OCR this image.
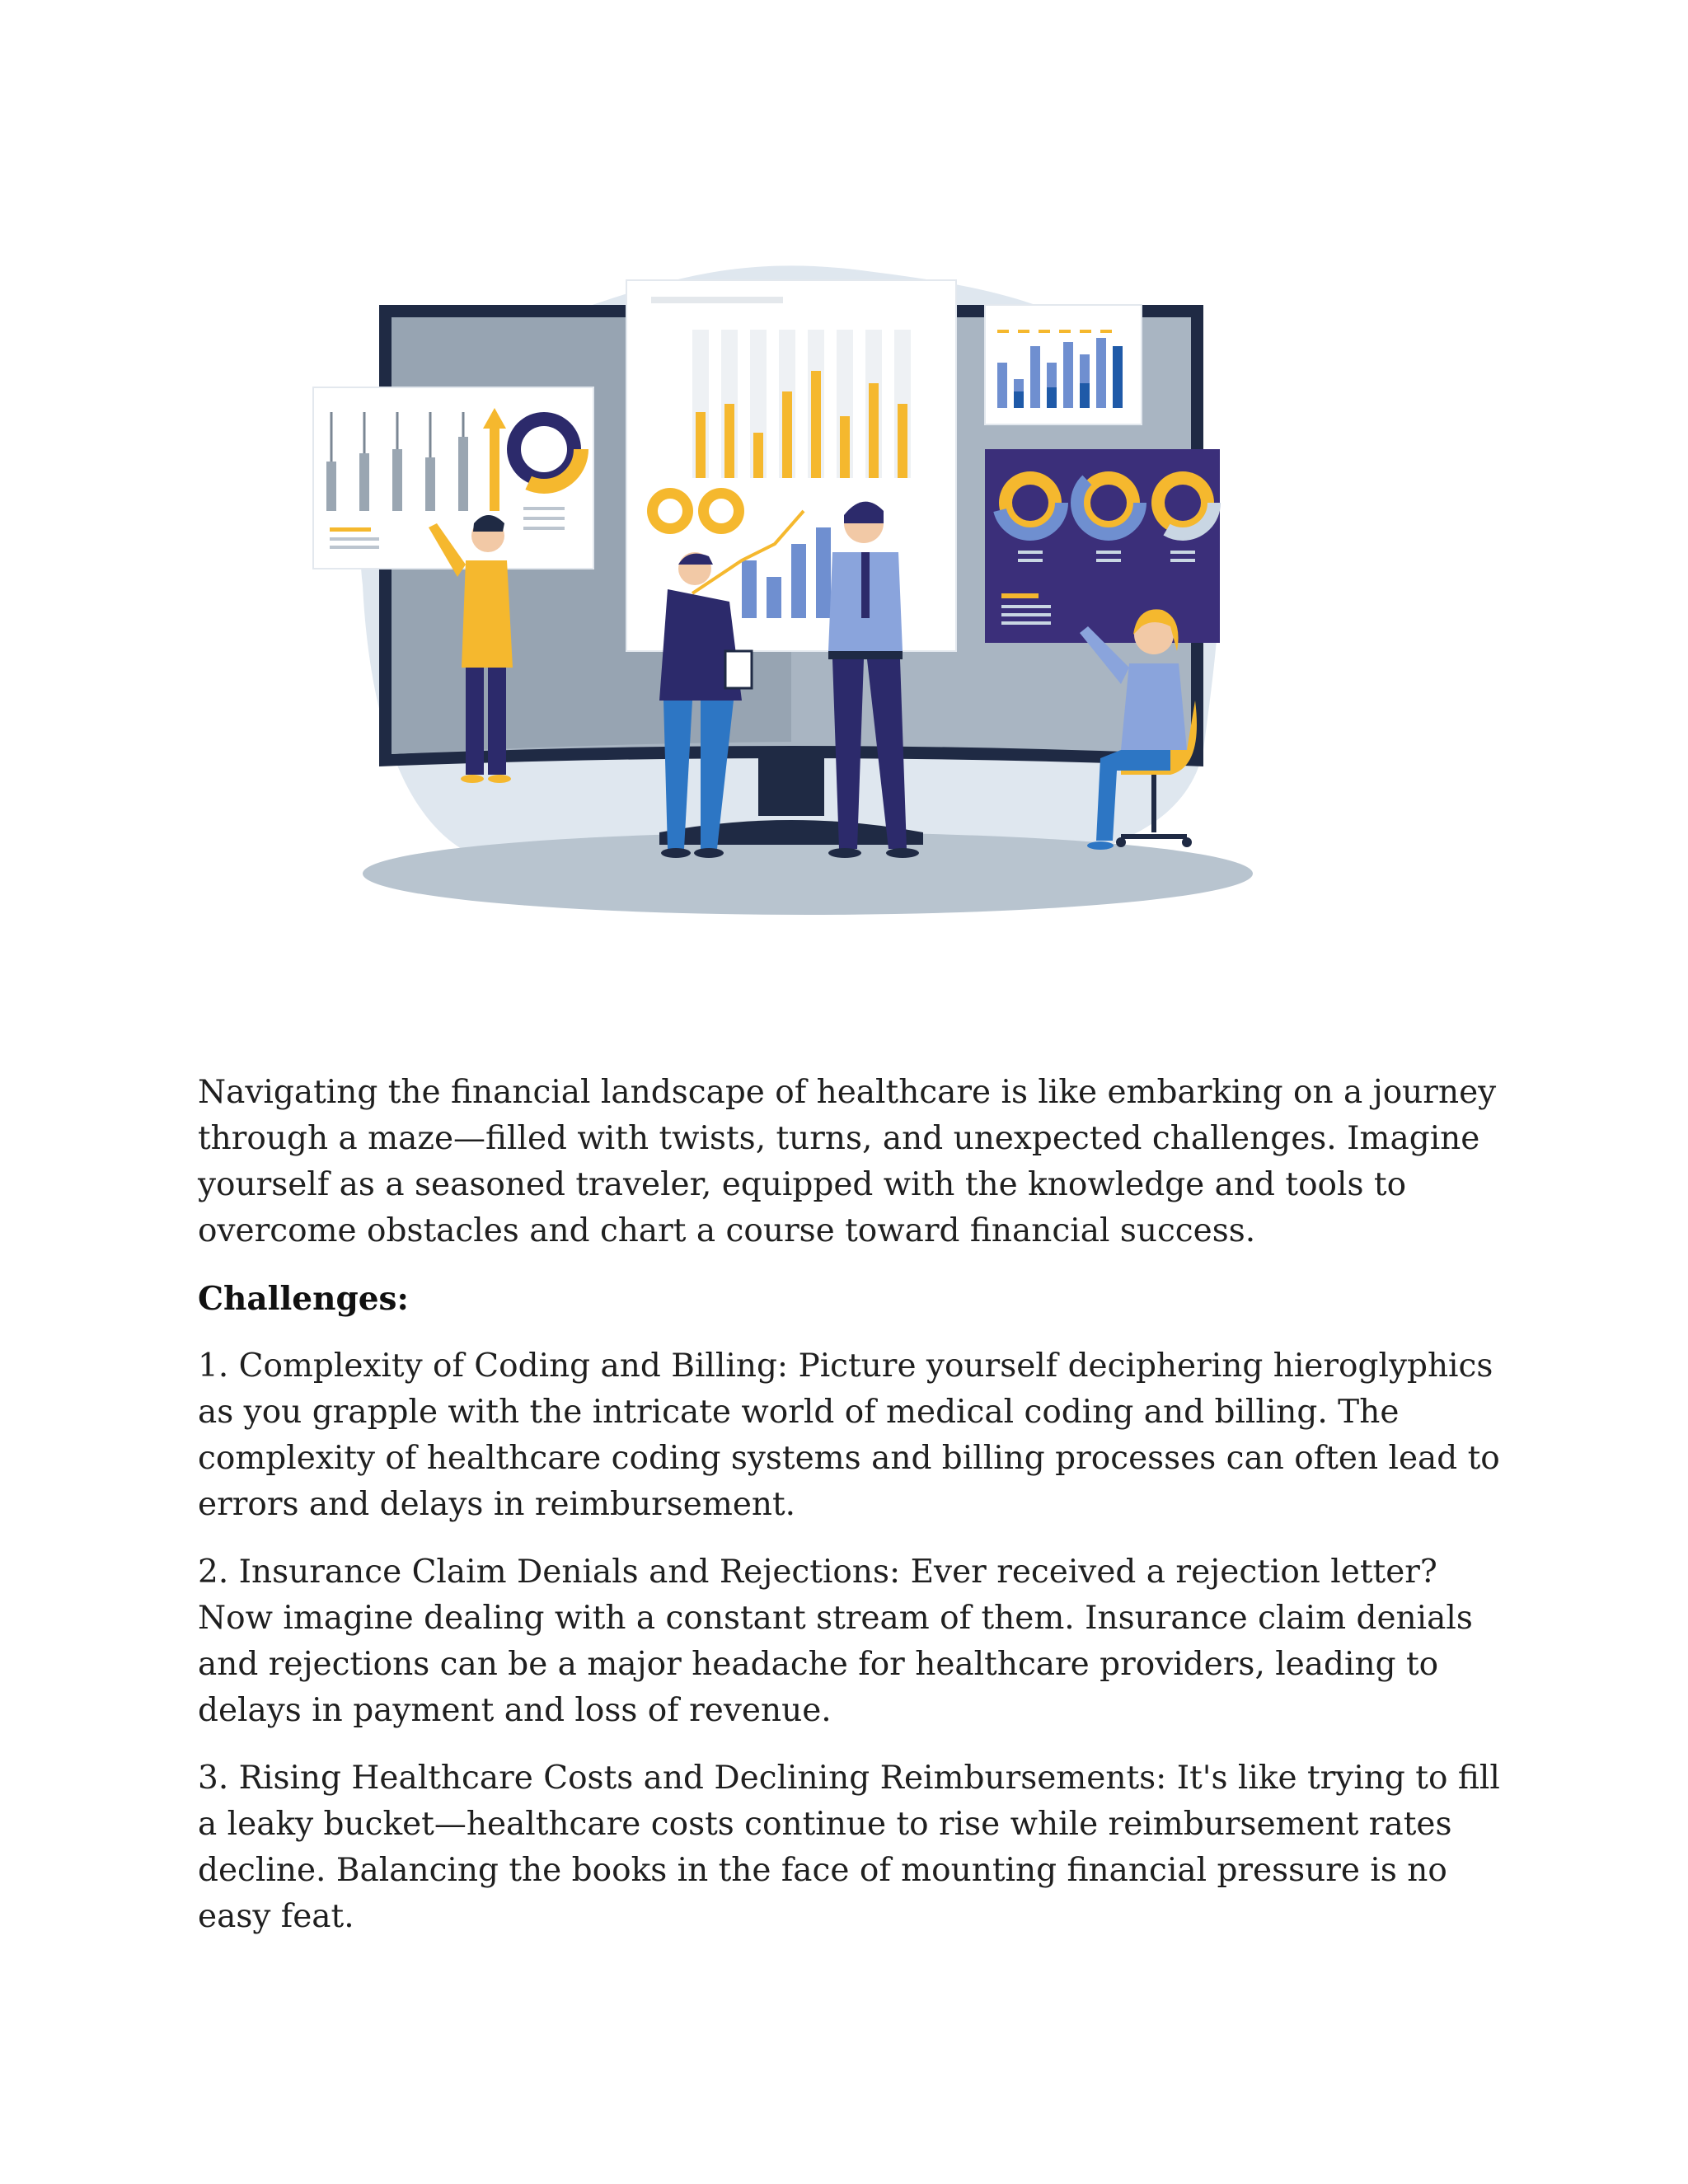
Navigating the financial landscape of healthcare is like embarking on a journey through a maze—filled with twists, turns, and unexpected challenges. Imagine yourself as a seasoned traveler, equipped with the knowledge and tools to overcome obstacles and chart a course toward financial success.

Challenges:

1. Complexity of Coding and Billing: Picture yourself deciphering hieroglyphics as you grapple with the intricate world of medical coding and billing. The complexity of healthcare coding systems and billing processes can often lead to errors and delays in reimbursement.

2. Insurance Claim Denials and Rejections: Ever received a rejection letter? Now imagine dealing with a constant stream of them. Insurance claim denials and rejections can be a major headache for healthcare providers, leading to delays in payment and loss of revenue.

3. Rising Healthcare Costs and Declining Reimbursements: It's like trying to fill a leaky bucket—healthcare costs continue to rise while reimbursement rates decline. Balancing the books in the face of mounting financial pressure is no easy feat.
